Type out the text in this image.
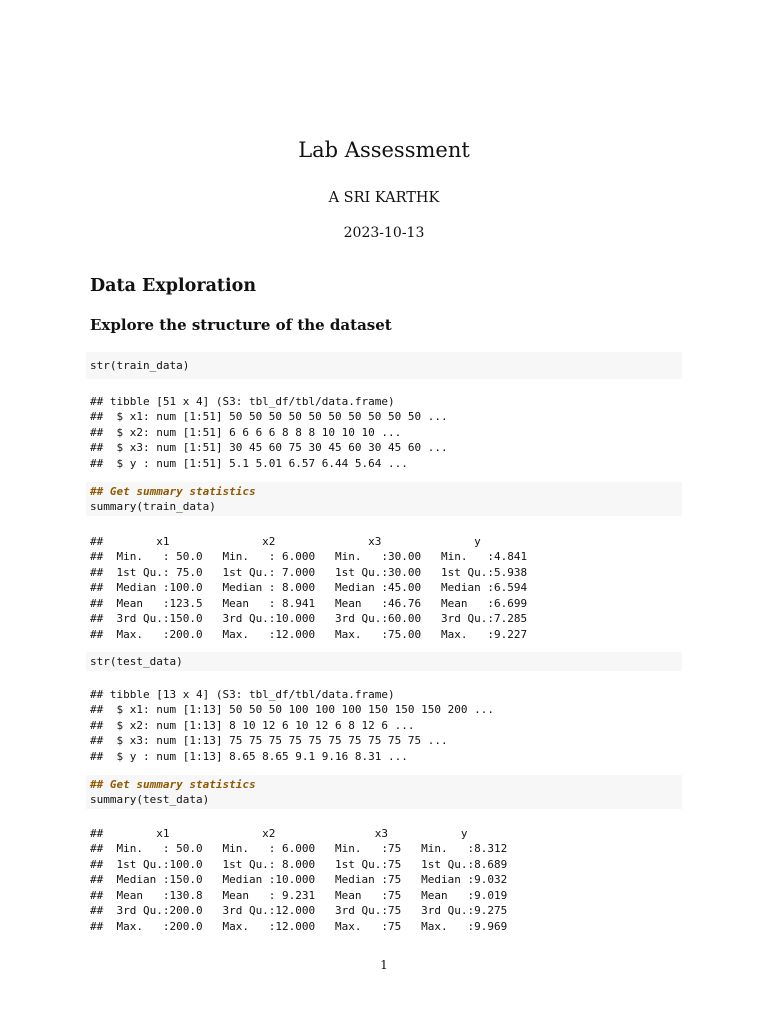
Lab Assessment
A SRI KARTHK
2023-10-13
Data Exploration
Explore the structure of the dataset
str(train_data)
## tibble [51 x 4] (S3: tbl_df/tbl/data.frame)
##  $ x1: num [1:51] 50 50 50 50 50 50 50 50 50 50 ...
##  $ x2: num [1:51] 6 6 6 6 8 8 8 10 10 10 ...
##  $ x3: num [1:51] 30 45 60 75 30 45 60 30 45 60 ...
##  $ y : num [1:51] 5.1 5.01 6.57 6.44 5.64 ...
## Get summary statistics
summary(train_data)
##        x1              x2              x3              y
##  Min.   : 50.0   Min.   : 6.000   Min.   :30.00   Min.   :4.841
##  1st Qu.: 75.0   1st Qu.: 7.000   1st Qu.:30.00   1st Qu.:5.938
##  Median :100.0   Median : 8.000   Median :45.00   Median :6.594
##  Mean   :123.5   Mean   : 8.941   Mean   :46.76   Mean   :6.699
##  3rd Qu.:150.0   3rd Qu.:10.000   3rd Qu.:60.00   3rd Qu.:7.285
##  Max.   :200.0   Max.   :12.000   Max.   :75.00   Max.   :9.227
str(test_data)
## tibble [13 x 4] (S3: tbl_df/tbl/data.frame)
##  $ x1: num [1:13] 50 50 50 100 100 100 150 150 150 200 ...
##  $ x2: num [1:13] 8 10 12 6 10 12 6 8 12 6 ...
##  $ x3: num [1:13] 75 75 75 75 75 75 75 75 75 75 ...
##  $ y : num [1:13] 8.65 8.65 9.1 9.16 8.31 ...
## Get summary statistics
summary(test_data)
##        x1              x2               x3           y
##  Min.   : 50.0   Min.   : 6.000   Min.   :75   Min.   :8.312
##  1st Qu.:100.0   1st Qu.: 8.000   1st Qu.:75   1st Qu.:8.689
##  Median :150.0   Median :10.000   Median :75   Median :9.032
##  Mean   :130.8   Mean   : 9.231   Mean   :75   Mean   :9.019
##  3rd Qu.:200.0   3rd Qu.:12.000   3rd Qu.:75   3rd Qu.:9.275
##  Max.   :200.0   Max.   :12.000   Max.   :75   Max.   :9.969
1
